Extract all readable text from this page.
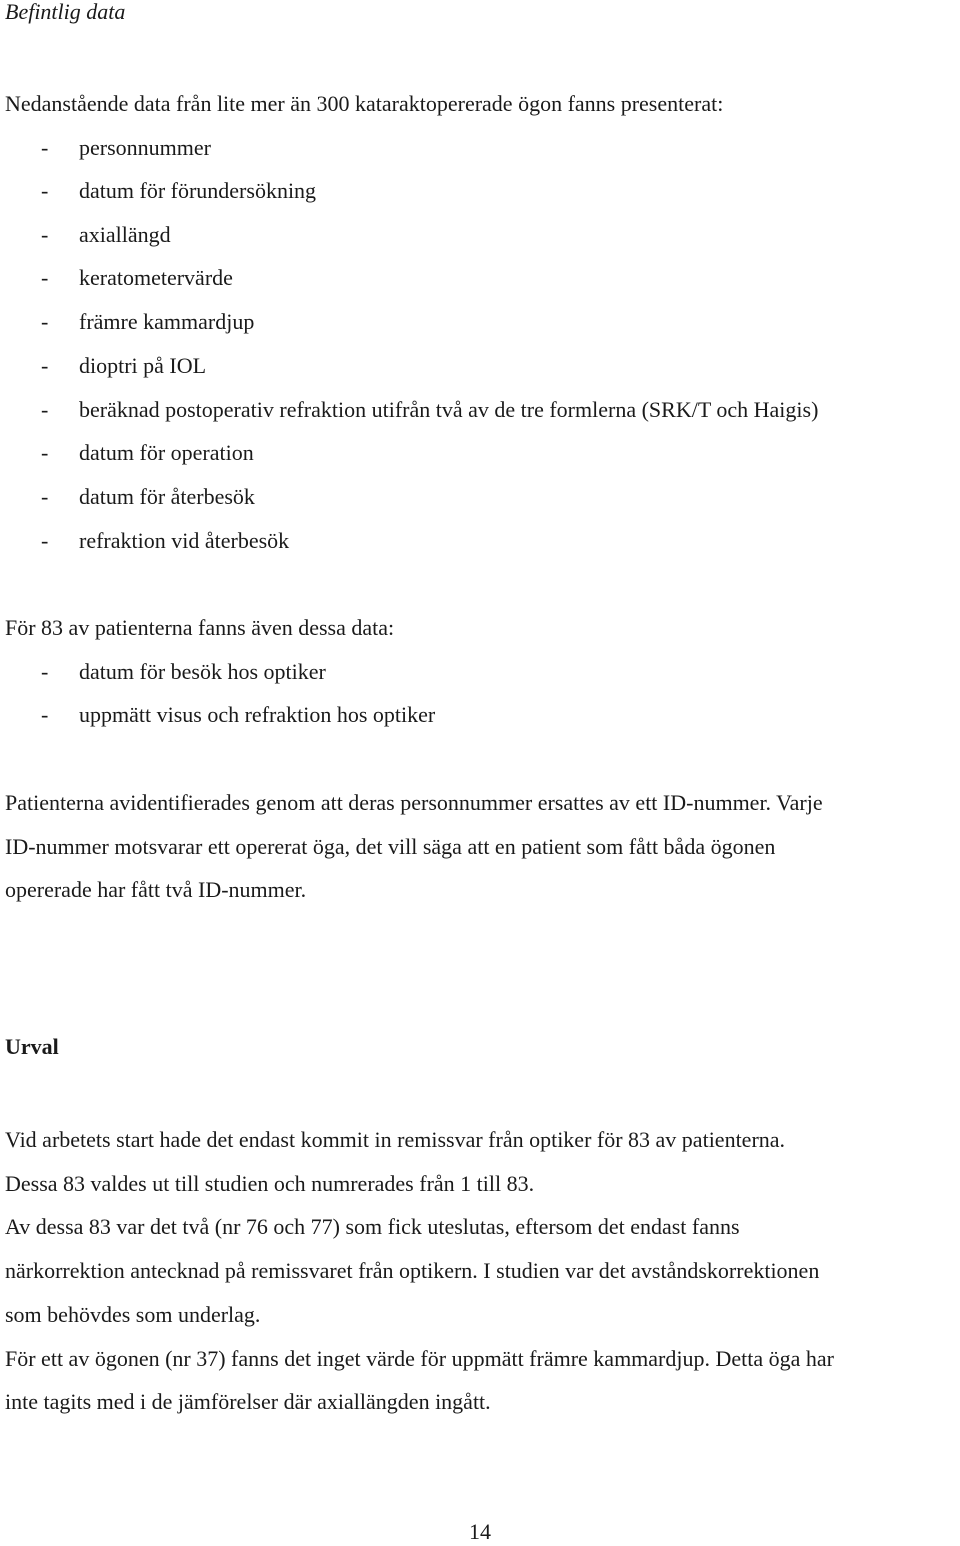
Befintlig data
Nedanstående data från lite mer än 300 kataraktopererade ögon fanns presenterat:
- personnummer
- datum för förundersökning
- axiallängd
- keratometervärde
- främre kammardjup
- dioptri på IOL
- beräknad postoperativ refraktion utifrån två av de tre formlerna (SRK/T och Haigis)
- datum för operation
- datum för återbesök
- refraktion vid återbesök
För 83 av patienterna fanns även dessa data:
- datum för besök hos optiker
- uppmätt visus och refraktion hos optiker
Patienterna avidentifierades genom att deras personnummer ersattes av ett ID-nummer. Varje
ID-nummer motsvarar ett opererat öga, det vill säga att en patient som fått båda ögonen
opererade har fått två ID-nummer.
Urval
Vid arbetets start hade det endast kommit in remissvar från optiker för 83 av patienterna.
Dessa 83 valdes ut till studien och numrerades från 1 till 83.
Av dessa 83 var det två (nr 76 och 77) som fick uteslutas, eftersom det endast fanns
närkorrektion antecknad på remissvaret från optikern. I studien var det avståndskorrektionen
som behövdes som underlag.
För ett av ögonen (nr 37) fanns det inget värde för uppmätt främre kammardjup. Detta öga har
inte tagits med i de jämförelser där axiallängden ingått.
14
